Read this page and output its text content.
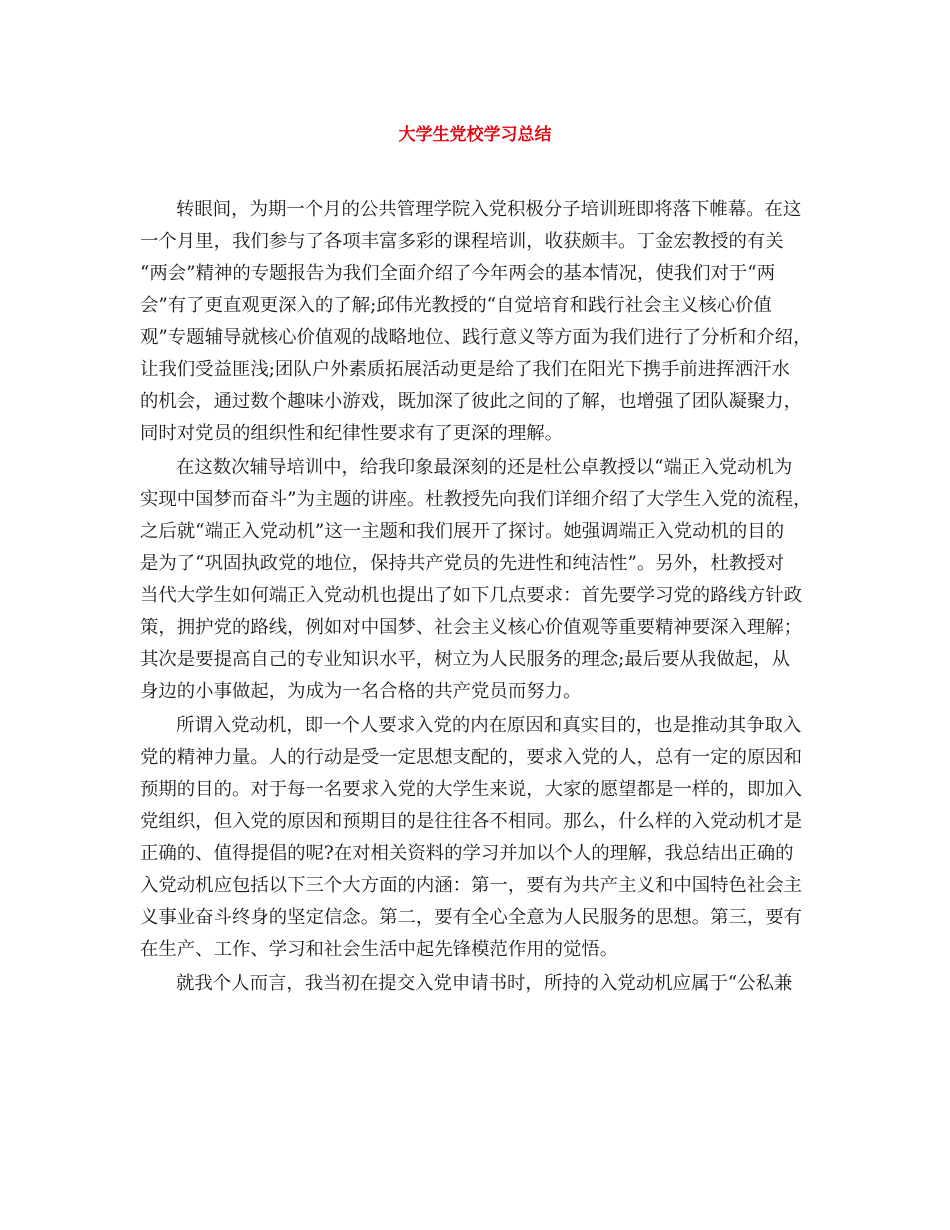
大学生党校学习总结

转眼间，为期一个月的公共管理学院入党积极分子培训班即将落下帷幕。在这

一个月里，我们参与了各项丰富多彩的课程培训，收获颇丰。丁金宏教授的有关

“两会”精神的专题报告为我们全面介绍了今年两会的基本情况，使我们对于“两

会”有了更直观更深入的了解;邱伟光教授的“自觉培育和践行社会主义核心价值

观”专题辅导就核心价值观的战略地位、践行意义等方面为我们进行了分析和介绍，

让我们受益匪浅;团队户外素质拓展活动更是给了我们在阳光下携手前进挥洒汗水

的机会，通过数个趣味小游戏，既加深了彼此之间的了解，也增强了团队凝聚力，

同时对党员的组织性和纪律性要求有了更深的理解。

在这数次辅导培训中，给我印象最深刻的还是杜公卓教授以“端正入党动机为

实现中国梦而奋斗”为主题的讲座。杜教授先向我们详细介绍了大学生入党的流程，

之后就“端正入党动机”这一主题和我们展开了探讨。她强调端正入党动机的目的

是为了“巩固执政党的地位，保持共产党员的先进性和纯洁性”。另外，杜教授对

当代大学生如何端正入党动机也提出了如下几点要求：首先要学习党的路线方针政

策，拥护党的路线，例如对中国梦、社会主义核心价值观等重要精神要深入理解；

其次是要提高自己的专业知识水平，树立为人民服务的理念;最后要从我做起，从

身边的小事做起，为成为一名合格的共产党员而努力。

所谓入党动机，即一个人要求入党的内在原因和真实目的，也是推动其争取入

党的精神力量。人的行动是受一定思想支配的，要求入党的人，总有一定的原因和

预期的目的。对于每一名要求入党的大学生来说，大家的愿望都是一样的，即加入

党组织，但入党的原因和预期目的是往往各不相同。那么，什么样的入党动机才是

正确的、值得提倡的呢?在对相关资料的学习并加以个人的理解，我总结出正确的

入党动机应包括以下三个大方面的内涵：第一，要有为共产主义和中国特色社会主

义事业奋斗终身的坚定信念。第二，要有全心全意为人民服务的思想。第三，要有

在生产、工作、学习和社会生活中起先锋模范作用的觉悟。

就我个人而言，我当初在提交入党申请书时，所持的入党动机应属于“公私兼
